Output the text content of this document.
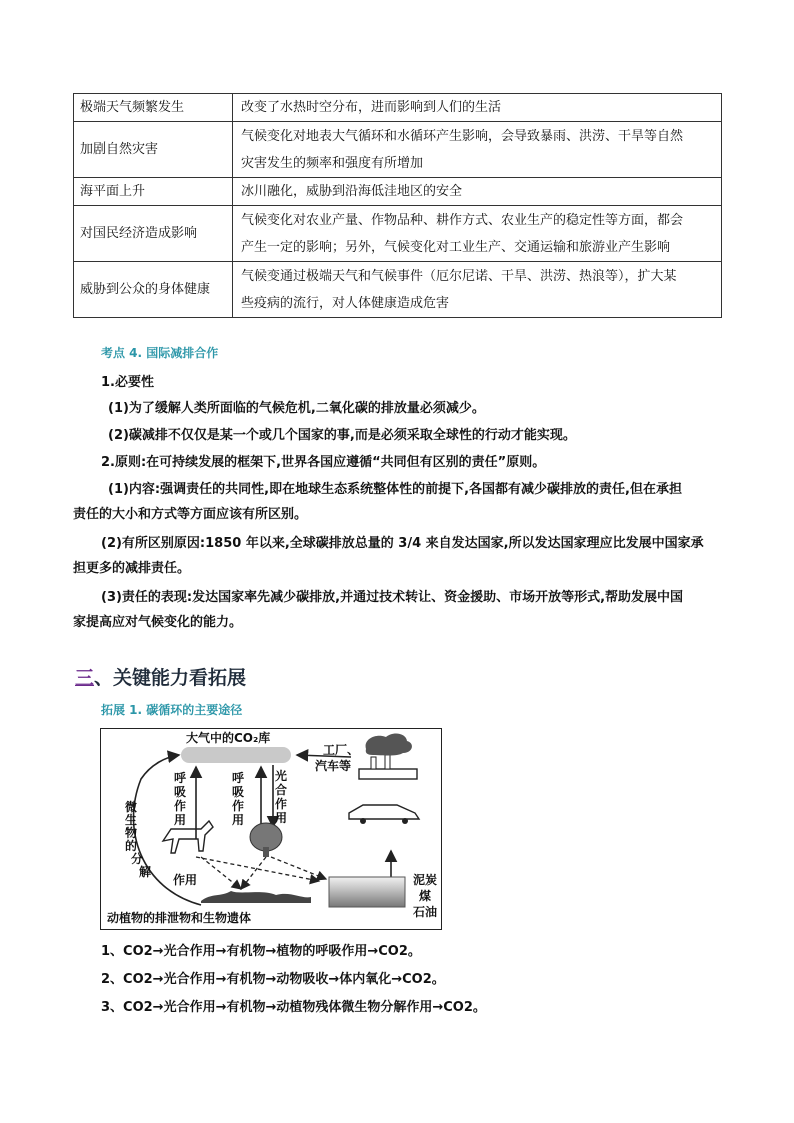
极端天气频繁发生	改变了水热时空分布，进而影响到人们的生活
加剧自然灾害	气候变化对地表大气循环和水循环产生影响，会导致暴雨、洪涝、干旱等自然
灾害发生的频率和强度有所增加
海平面上升	冰川融化，威胁到沿海低洼地区的安全
对国民经济造成影响	气候变化对农业产量、作物品种、耕作方式、农业生产的稳定性等方面，都会
产生一定的影响；另外，气候变化对工业生产、交通运输和旅游业产生影响
威胁到公众的身体健康	气候变通过极端天气和气候事件（厄尔尼诺、干旱、洪涝、热浪等），扩大某
些疫病的流行，对人体健康造成危害
考点 4. 国际减排合作
1.必要性
(1)为了缓解人类所面临的气候危机,二氧化碳的排放量必须减少。
(2)碳减排不仅仅是某一个或几个国家的事,而是必须采取全球性的行动才能实现。
2.原则:在可持续发展的框架下,世界各国应遵循“共同但有区别的责任”原则。
(1)内容:强调责任的共同性,即在地球生态系统整体性的前提下,各国都有减少碳排放的责任,但在承担
责任的大小和方式等方面应该有所区别。
(2)有所区别原因:1850 年以来,全球碳排放总量的 3/4 来自发达国家,所以发达国家理应比发展中国家承
担更多的减排责任。
(3)责任的表现:发达国家率先减少碳排放,并通过技术转让、资金援助、市场开放等形式,帮助发展中国
家提高应对气候变化的能力。
三、关键能力看拓展
拓展 1. 碳循环的主要途径
大气中的CO₂库
工厂、
汽车等
呼
吸
作
用
呼
吸
作
用
光
合
作
用
微
生
物
的
分
解
作用	泥炭
煤
石油
动植物的排泄物和生物遗体
1、CO2→光合作用→有机物→植物的呼吸作用→CO2。
2、CO2→光合作用→有机物→动物吸收→体内氧化→CO2。
3、CO2→光合作用→有机物→动植物残体微生物分解作用→CO2。
